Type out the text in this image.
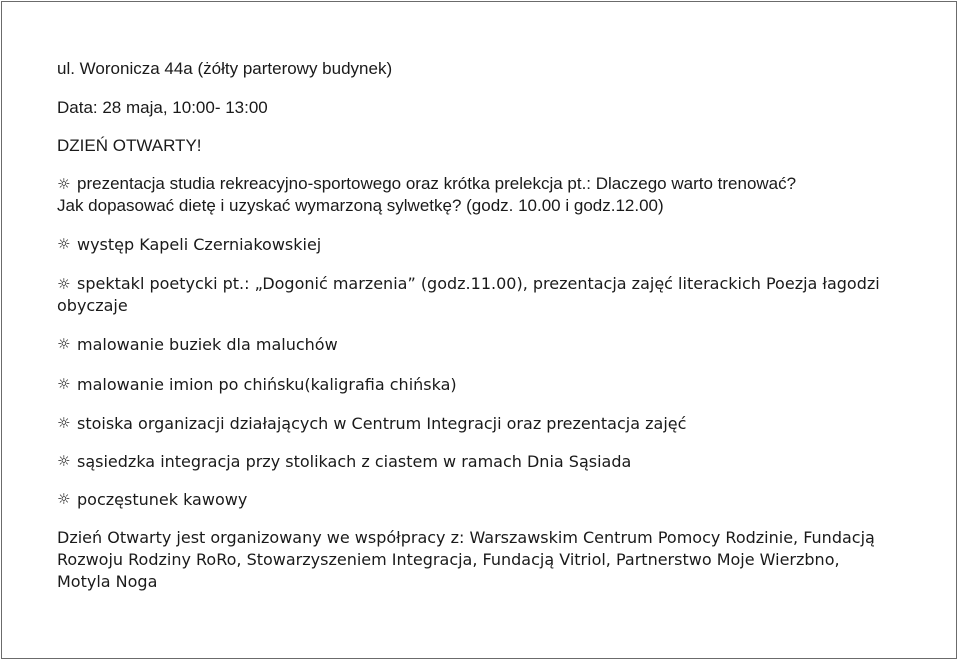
ul. Woronicza 44a (żółty parterowy budynek)
Data: 28 maja, 10:00- 13:00
DZIEŃ OTWARTY!
☼ prezentacja studia rekreacyjno-sportowego oraz krótka prelekcja pt.: Dlaczego warto trenować?
Jak dopasować dietę i uzyskać wymarzoną sylwetkę? (godz. 10.00 i godz.12.00)
☼ występ Kapeli Czerniakowskiej
☼ spektakl poetycki pt.: „Dogonić marzenia” (godz.11.00), prezentacja zajęć literackich Poezja łagodzi
obyczaje
☼ malowanie buziek dla maluchów
☼ malowanie imion po chińsku(kaligrafia chińska)
☼ stoiska organizacji działających w Centrum Integracji oraz prezentacja zajęć
☼ sąsiedzka integracja przy stolikach z ciastem w ramach Dnia Sąsiada
☼ poczęstunek kawowy
Dzień Otwarty jest organizowany we współpracy z: Warszawskim Centrum Pomocy Rodzinie, Fundacją
Rozwoju Rodziny RoRo, Stowarzyszeniem Integracja, Fundacją Vitriol, Partnerstwo Moje Wierzbno,
Motyla Noga
